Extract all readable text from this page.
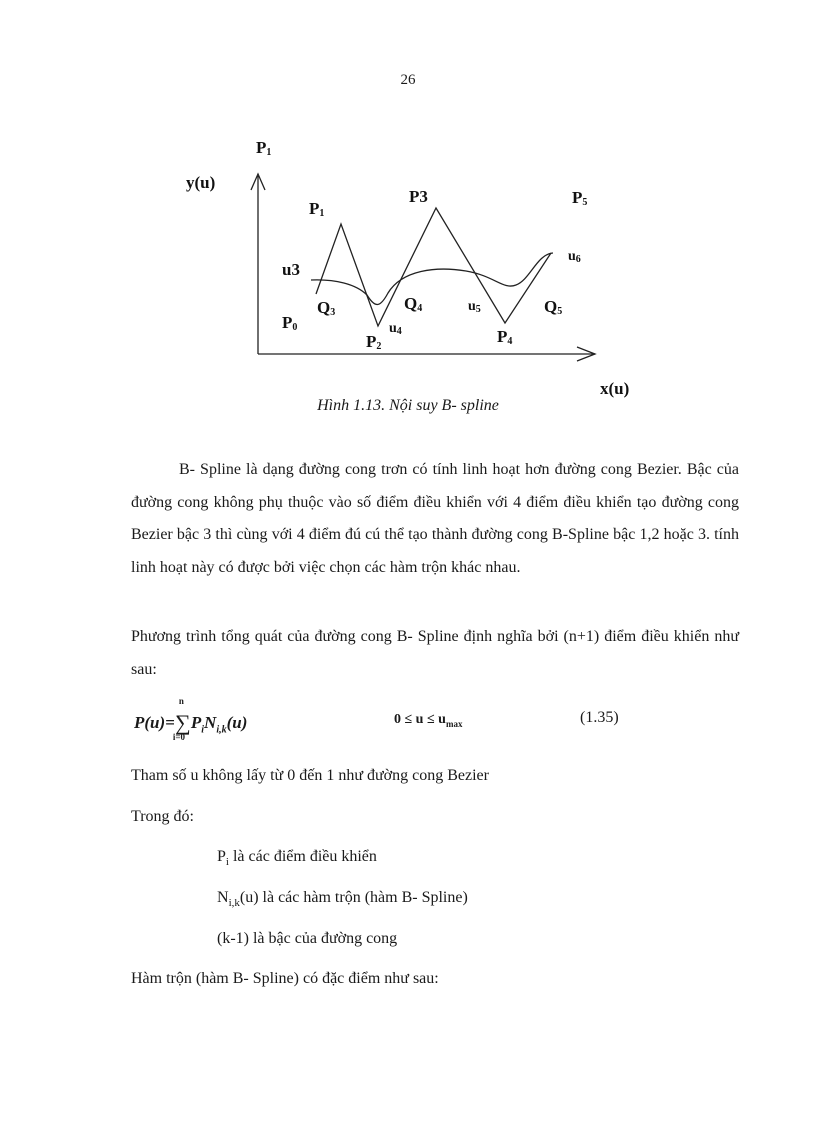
26
P1
y(u)
P1
P3	P5
u6
u3
Q3	Q4	u5	Q5
P0	u4
P2
P4
x(u)
Hình 1.13. Nội suy B- spline

B- Spline là dạng đường cong trơn có tính linh hoạt hơn đường cong Bezier. Bậc của đường cong không phụ thuộc vào số điểm điều khiển với 4 điểm điều khiển tạo đường cong Bezier bậc 3 thì cùng với 4 điểm đú cú thể tạo thành đường cong B-Spline bậc 1,2 hoặc 3. tính linh hoạt này có được bởi việc chọn các hàm trộn khác nhau.

Phương trình tổng quát của đường cong B- Spline định nghĩa bởi (n+1) điểm điều khiển như sau:

P(u)=
n
∑
i=0
$P_iN_{i,k}(u)$	$0 \le u \le u_{max}$	(1.35)
Tham số u không lấy từ 0 đến 1 như đường cong Bezier
Trong đó:
$P_i$ là các điểm điều khiển
$N_{i,k}(u)$ là các hàm trộn (hàm B- Spline)
(k-1) là bậc của đường cong
Hàm trộn (hàm B- Spline) có đặc điểm như sau:
